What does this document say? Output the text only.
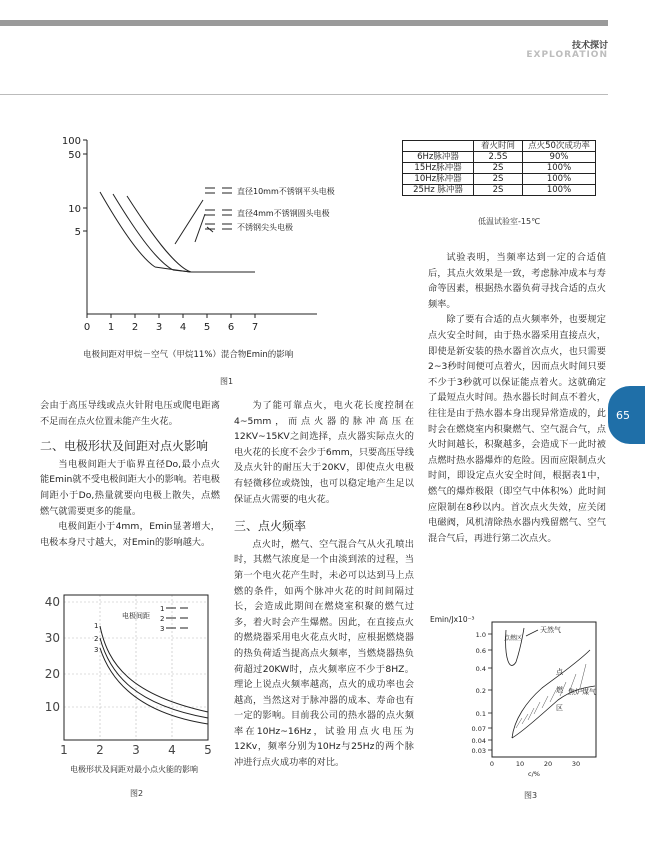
技术探讨
EXPLORATION
65
100
50
10
5
0 1 2 3 4 5 6 7
直径10mm不锈钢平头电极
直径4mm不锈钢圆头电极
不锈钢尖头电极
电极间距对甲烷－空气（甲烷11%）混合物Emin的影响
图1
	着火时间	点火50次成功率
6Hz脉冲器	2.5S	90%
15Hz脉冲器	2S	100%
10Hz脉冲器	2S	100%
25Hz 脉冲器	2S	100%
低温试验室-15℃

试验表明，当频率达到一定的合适值后，其点火效果是一致，考虑脉冲成本与寿命等因素，根据热水器负荷寻找合适的点火频率。

除了要有合适的点火频率外，也要规定点火安全时间，由于热水器采用直接点火，即使是新安装的热水器首次点火，也只需要2~3秒时间便可点着火，因而点火时间只要不少于3秒就可以保证能点着火。这就确定了最短点火时间。热水器长时间点不着火，往往是由于热水器本身出现异常造成的，此时会在燃烧室内积聚燃气、空气混合气，点火时间越长，积聚越多，会造成下一此时被点燃时热水器爆炸的危险。因而应限制点火时间，即设定点火安全时间，根据表1中，燃气的爆炸极限（即空气中体积%）此时间应限制在8秒以内。首次点火失效，应关闭电磁阀，风机清除热水器内残留燃气、空气混合气后，再进行第二次点火。

会由于高压导线或点火针附电压或爬电距离不足而在点火位置未能产生火花。

二、电极形状及间距对点火影响

当电极间距大于临界直径Do,最小点火能Emin就不受电极间距大小的影响。若电极间距小于Do,热量就要向电极上散失，点燃燃气就需要更多的能量。

电极间距小于4mm，Emin显著增大，电极本身尺寸越大，对Emin的影响越大。

为了能可靠点火，电火花长度控制在4~5mm，而点火器的脉冲高压在12KV~15KV之间选择，点火器实际点火的电火花的长度不会少于6mm，只要高压导线及点火针的耐压大于20KV，即使点火电极有轻微移位或烧蚀，也可以稳定地产生足以保证点火需要的电火花。

三、点火频率

点火时，燃气、空气混合气从火孔喷出时，其燃气浓度是一个由淡到浓的过程，当第一个电火花产生时，未必可以达到马上点燃的条件，如两个脉冲火花的时间间隔过长，会造成此期间在燃烧室积聚的燃气过多，着火时会产生爆燃。因此，在直接点火的燃烧器采用电火花点火时，应根据燃烧器的热负荷适当提高点火频率，当燃烧器热负荷超过20KW时，点火频率应不少于8HZ。理论上说点火频率越高，点火的成功率也会越高，当然这对于脉冲器的成本、寿命也有一定的影响。目前我公司的热水器的点火频率在10Hz~16Hz，试验用点火电压为12Kv，频率分别为10Hz与25Hz的两个脉冲进行点火成功率的对比。

40
30
20
10
1 2 3 4 5
电极间距
1
2
3
1
2
3
电极形状及间距对最小点火能的影响
图2
Emin/Jx10⁻³
1.0
0.6
0.4
0.2
0.1
0.07
0.04
0.03
0	10	20	30
c/%
点燃区
天然气
点
燃
区
焦炉煤气
图3
